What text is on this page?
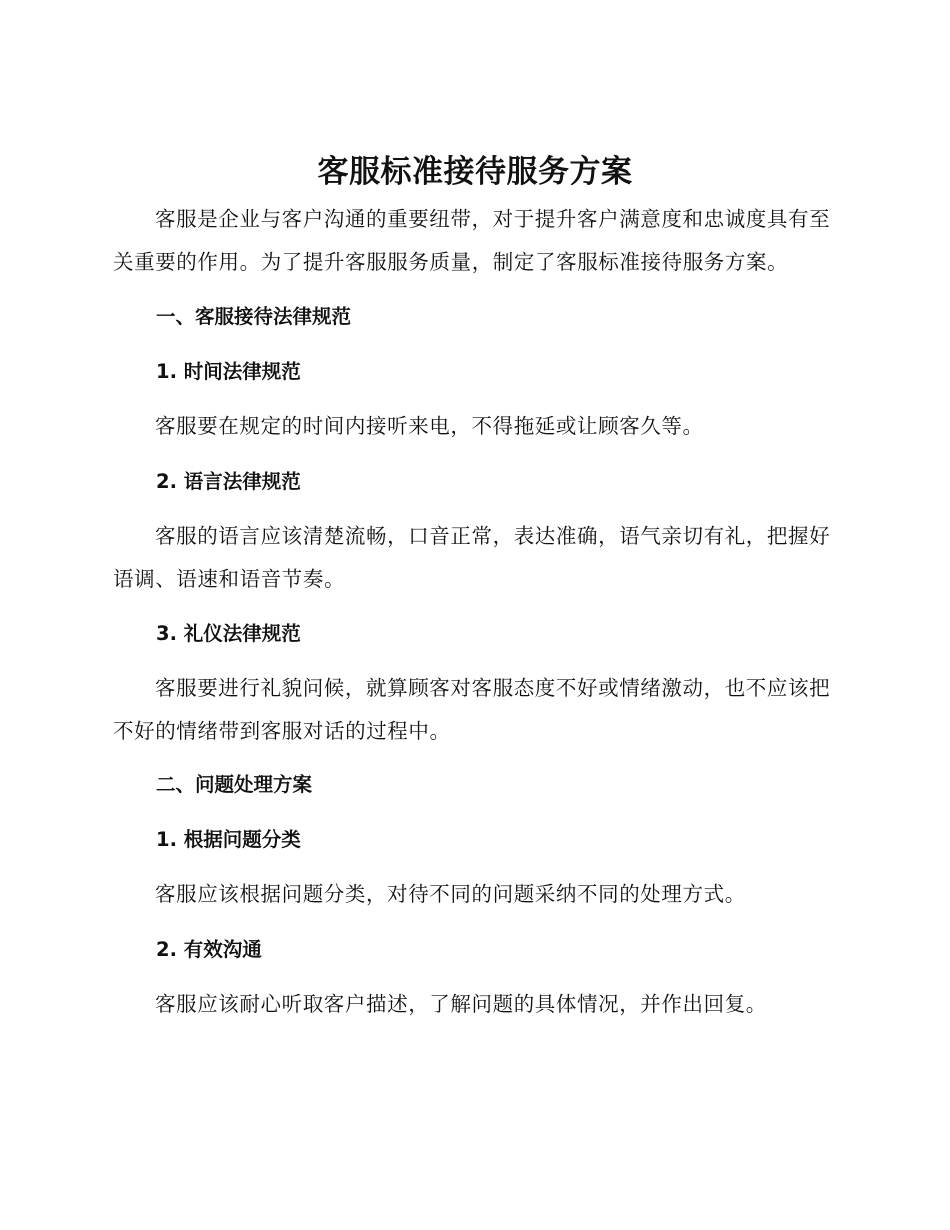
客服标准接待服务方案
客服是企业与客户沟通的重要纽带，对于提升客户满意度和忠诚度具有至关重要的作用。为了提升客服服务质量，制定了客服标准接待服务方案。
一、客服接待法律规范
1. 时间法律规范
客服要在规定的时间内接听来电，不得拖延或让顾客久等。
2. 语言法律规范
客服的语言应该清楚流畅，口音正常，表达准确，语气亲切有礼，把握好语调、语速和语音节奏。
3. 礼仪法律规范
客服要进行礼貌问候，就算顾客对客服态度不好或情绪激动，也不应该把不好的情绪带到客服对话的过程中。
二、问题处理方案
1. 根据问题分类
客服应该根据问题分类，对待不同的问题采纳不同的处理方式。
2. 有效沟通
客服应该耐心听取客户描述，了解问题的具体情况，并作出回复。
